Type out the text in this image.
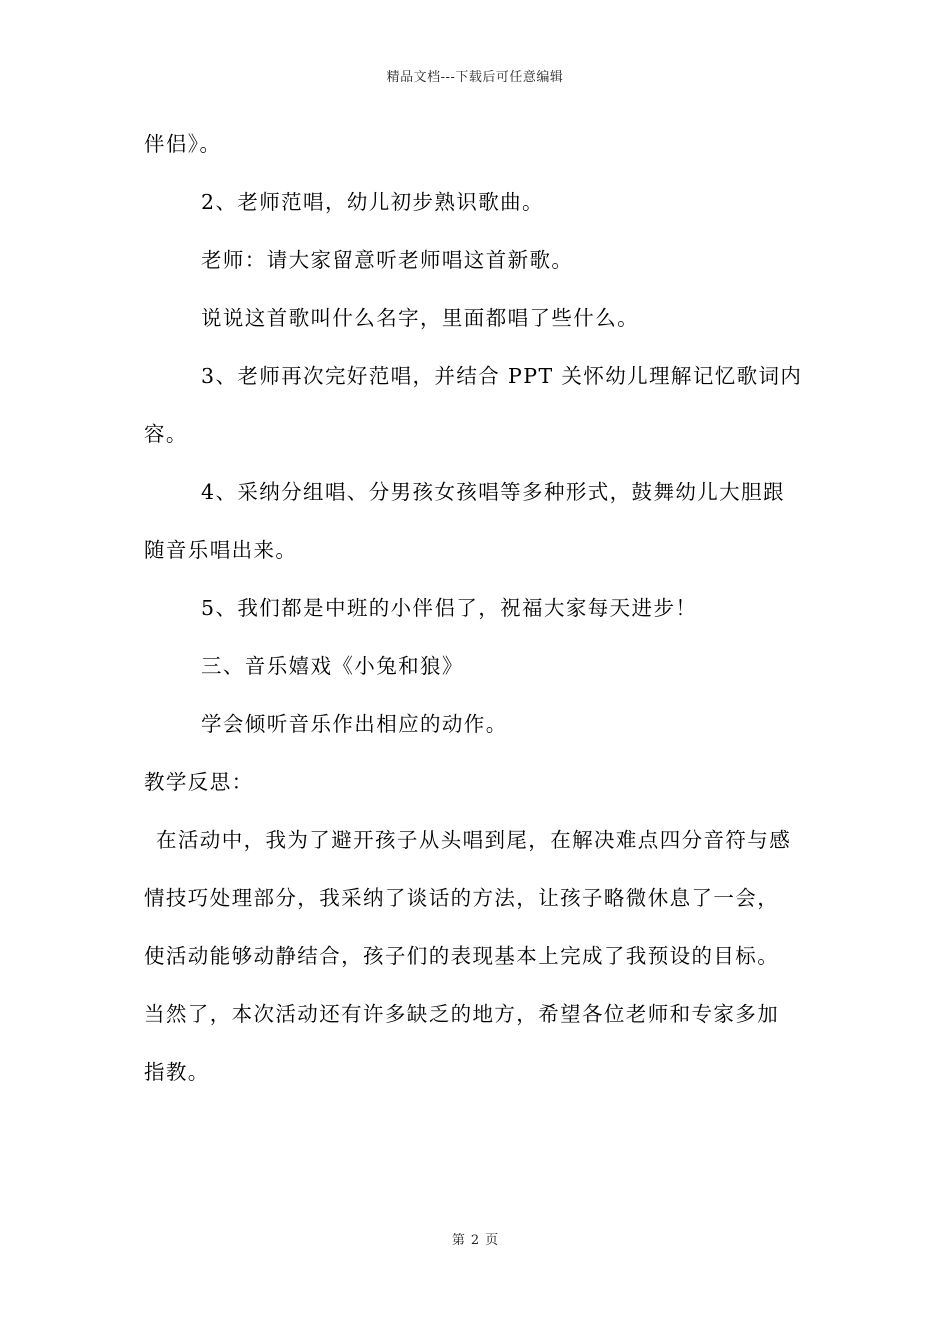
精品文档---下载后可任意编辑
伴侣》。
2、老师范唱，幼儿初步熟识歌曲。
老师：请大家留意听老师唱这首新歌。
说说这首歌叫什么名字，里面都唱了些什么。
3、老师再次完好范唱，并结合 PPT 关怀幼儿理解记忆歌词内
容。
4、采纳分组唱、分男孩女孩唱等多种形式，鼓舞幼儿大胆跟
随音乐唱出来。
5、我们都是中班的小伴侣了，祝福大家每天进步！
三、音乐嬉戏《小兔和狼》
学会倾听音乐作出相应的动作。
教学反思：
在活动中，我为了避开孩子从头唱到尾，在解决难点四分音符与感
情技巧处理部分，我采纳了谈话的方法，让孩子略微休息了一会，
使活动能够动静结合，孩子们的表现基本上完成了我预设的目标。
当然了，本次活动还有许多缺乏的地方，希望各位老师和专家多加
指教。
第 2 页
